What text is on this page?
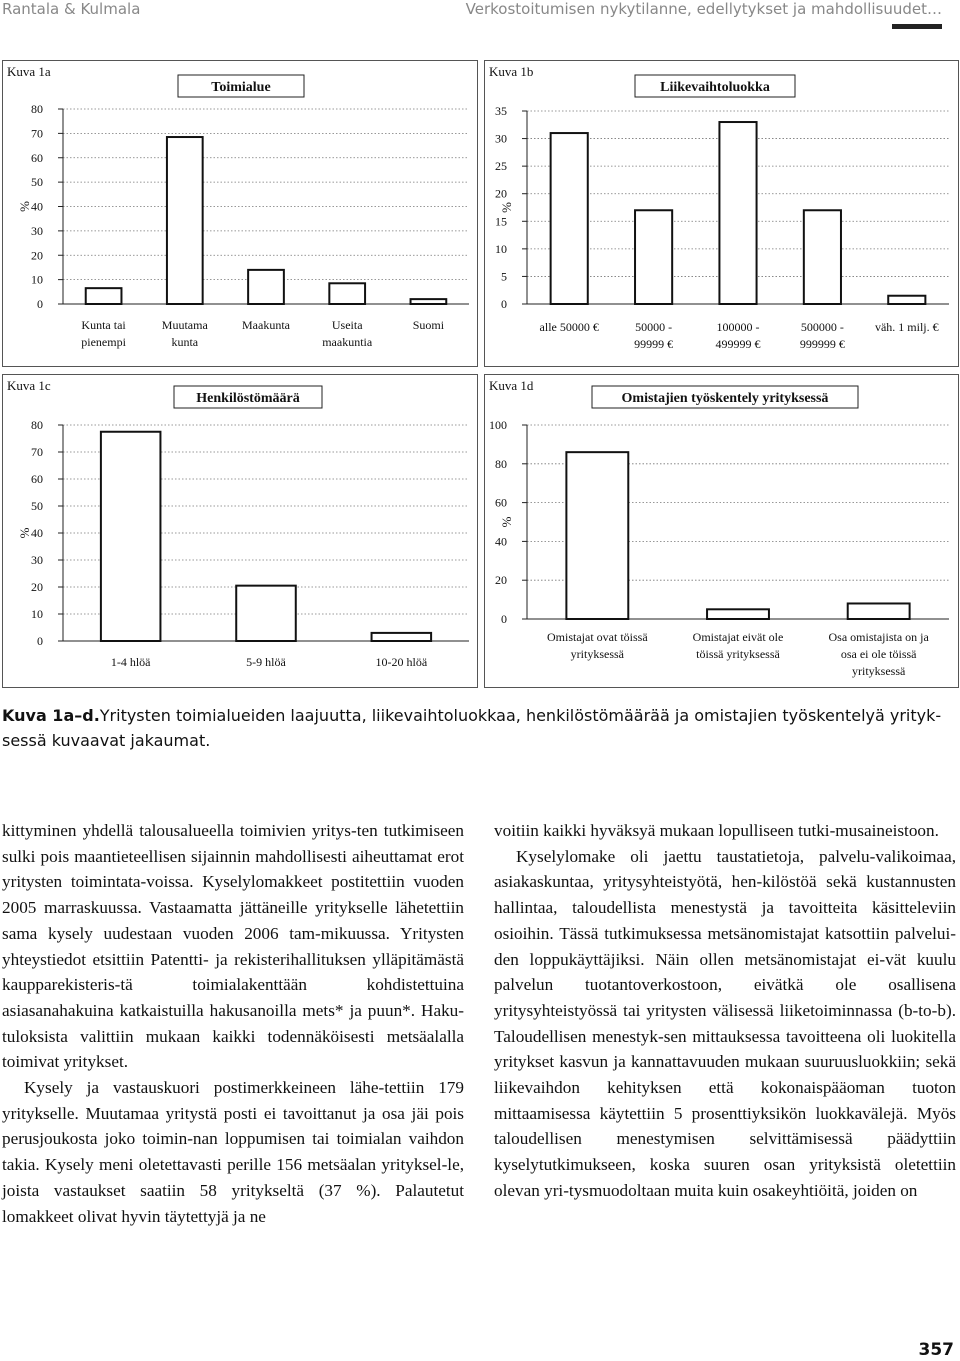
Rantala & Kulmala	Verkostoitumisen nykytilanne, edellytykset ja mahdollisuudet…
Kuva 1a
Toimialue
0
10
20
30
40
50
60
70
80
%
Kunta tai
pienempi
Muutama
kunta
Maakunta	Useita
maakuntia
Suomi
Kuva 1b
Liikevaihtoluokka
0
5
10
15
20
25
30
35
%
alle 50000 €	50000 -
99999 €
100000 -
499999 €
500000 -
999999 €
väh. 1 milj. €
Kuva 1c
Henkilöstömäärä
0
10
20
30
40
50
60
70
80
%
1-4 hlöä	5-9 hlöä	10-20 hlöä
Kuva 1d
Omistajien työskentely yrityksessä
0
20
40
60
80
100
%
Omistajat ovat töissä
yrityksessä
Omistajat eivät ole
töissä yrityksessä
Osa omistajista on ja
osa ei ole töissä
yrityksessä
Kuva 1a–d.Yritysten toimialueiden laajuutta, liikevaihtoluokkaa, henkilöstömäärää ja omistajien työskentelyä yrityk-sessä kuvaavat jakaumat.

kittyminen yhdellä talousalueella toimivien yritys-ten tutkimiseen sulki pois maantieteellisen sijainnin mahdollisesti aiheuttamat erot yritysten toimintata-voissa. Kyselylomakkeet postitettiin vuoden 2005 marraskuussa. Vastaamatta jättäneille yritykselle lähetettiin sama kysely uudestaan vuoden 2006 tam-mikuussa. Yritysten yhteystiedot etsittiin Patentti- ja rekisterihallituksen ylläpitämästä kaupparekisteris-tä toimialakenttään kohdistettuina asiasanahakuina katkaistuilla hakusanoilla mets* ja puun*. Haku-tuloksista valittiin mukaan kaikki todennäköisesti metsäalalla toimivat yritykset.

Kysely ja vastauskuori postimerkkeineen lähe-tettiin 179 yritykselle. Muutamaa yritystä posti ei tavoittanut ja osa jäi pois perusjoukosta joko toimin-nan loppumisen tai toimialan vaihdon takia. Kysely meni oletettavasti perille 156 metsäalan yrityksel-le, joista vastaukset saatiin 58 yritykseltä (37 %). Palautetut lomakkeet olivat hyvin täytettyjä ja ne

voitiin kaikki hyväksyä mukaan lopulliseen tutki-musaineistoon.

Kyselylomake oli jaettu taustatietoja, palvelu-valikoimaa, asiakaskuntaa, yritysyhteistyötä, hen-kilöstöä sekä kustannusten hallintaa, taloudellista menestystä ja tavoitteita käsitteleviin osioihin. Tässä tutkimuksessa metsänomistajat katsottiin palvelui-den loppukäyttäjiksi. Näin ollen metsänomistajat ei-vät kuulu palvelun tuotantoverkostoon, eivätkä ole osallisena yritysyhteistyössä tai yritysten välisessä liiketoiminnassa (b-to-b). Taloudellisen menestyk-sen mittauksessa tavoitteena oli luokitella yritykset kasvun ja kannattavuuden mukaan suuruusluokkiin; sekä liikevaihdon kehityksen että kokonaispääoman tuoton mittaamisessa käytettiin 5 prosenttiyksikön luokkavälejä. Myös taloudellisen menestymisen selvittämisessä päädyttiin kyselytutkimukseen, koska suuren osan yrityksistä oletettiin olevan yri-tysmuodoltaan muita kuin osakeyhtiöitä, joiden on

357
